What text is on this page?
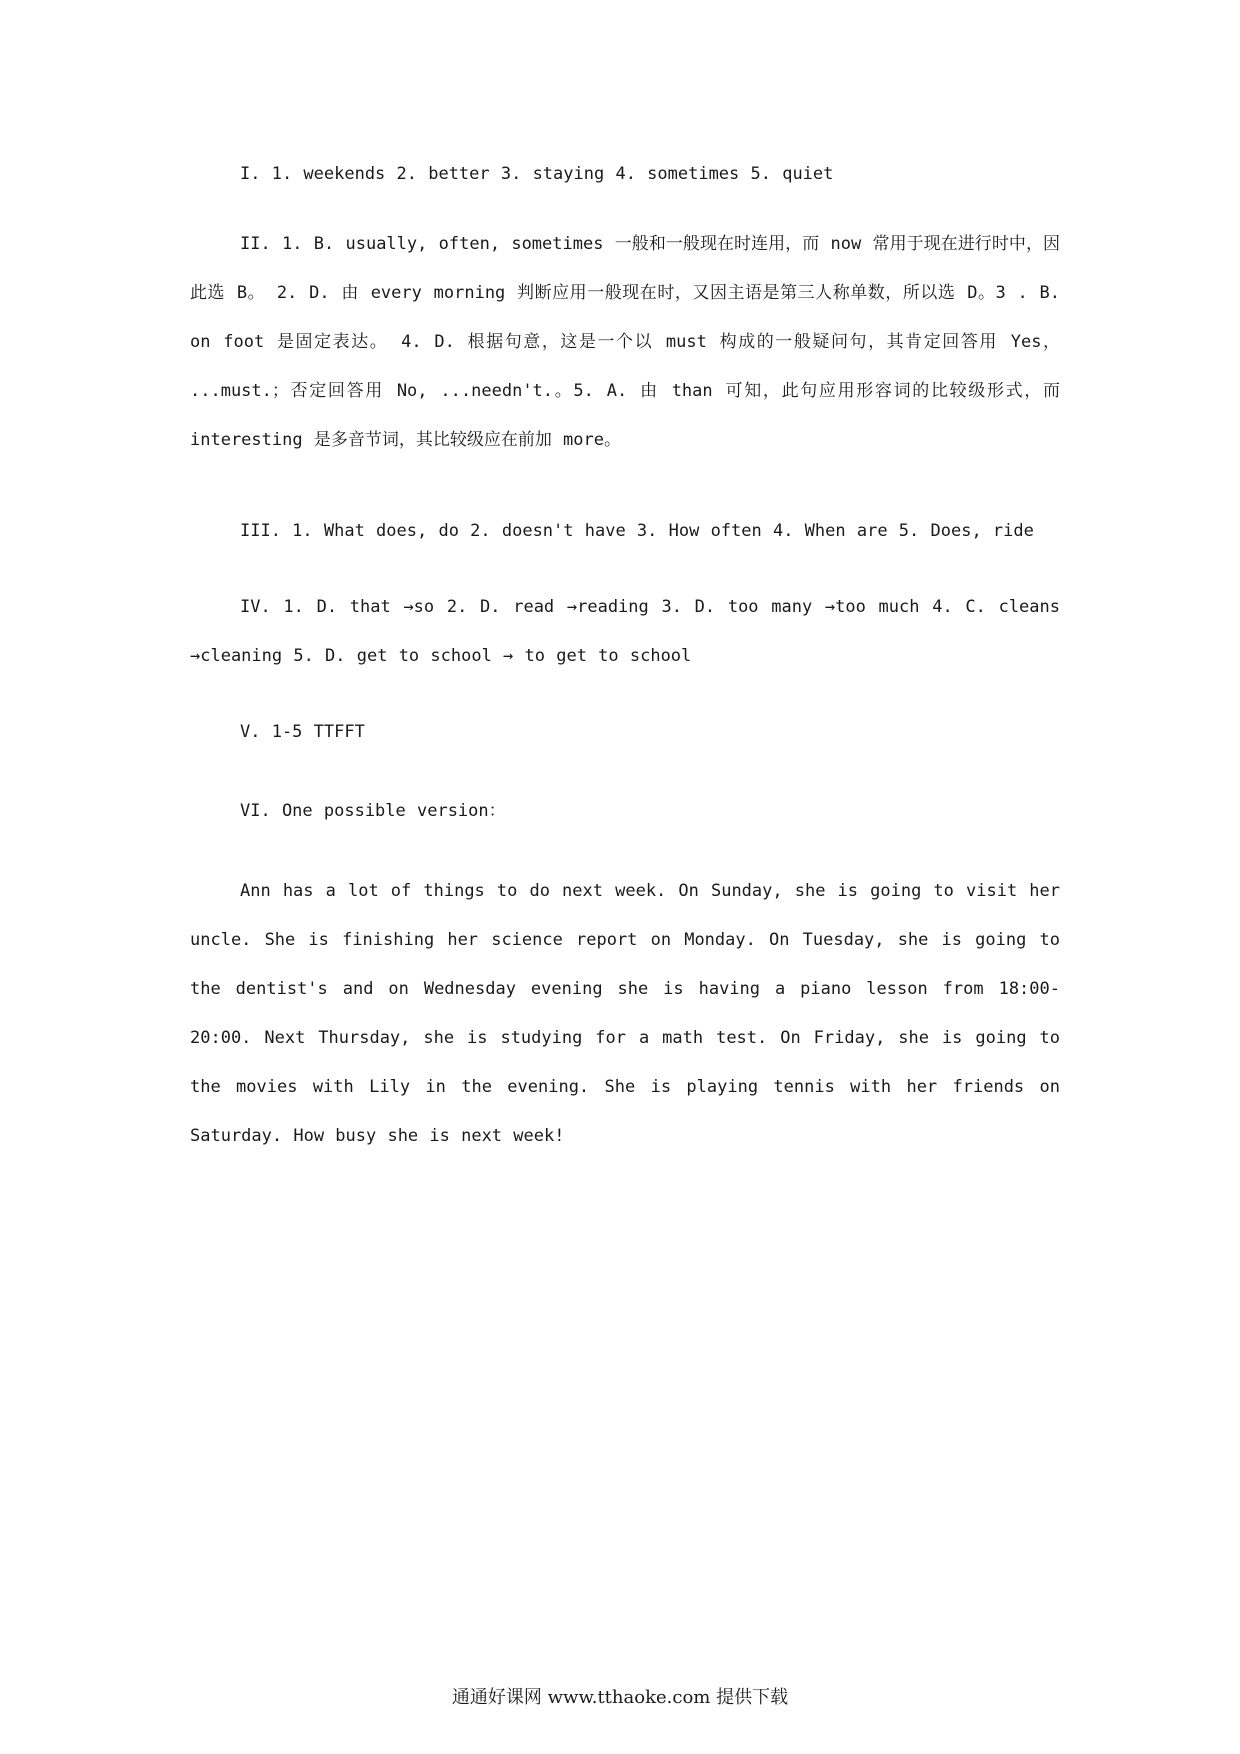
I. 1. weekends 2. better 3. staying 4. sometimes 5. quiet

II. 1. B. usually, often, sometimes 一般和一般现在时连用，而 now 常用于现在进行时中，因此选 B。 2. D. 由 every morning 判断应用一般现在时，又因主语是第三人称单数，所以选 D。3 . B. on foot 是固定表达。 4. D. 根据句意，这是一个以 must 构成的一般疑问句，其肯定回答用 Yes， ...must.；否定回答用 No, ...needn't.。5. A. 由 than 可知，此句应用形容词的比较级形式，而 interesting 是多音节词，其比较级应在前加 more。

III. 1. What does, do 2. doesn't have 3. How often 4. When are 5. Does, ride

IV. 1. D. that →so 2. D. read →reading 3. D. too many →too much 4. C. cleans →cleaning 5. D. get to school → to get to school

V. 1-5 TTFFT

VI. One possible version：

Ann has a lot of things to do next week. On Sunday, she is going to visit her uncle. She is finishing her science report on Monday. On Tuesday, she is going to the dentist's and on Wednesday evening she is having a piano lesson from 18:00-20:00. Next Thursday, she is studying for a math test. On Friday, she is going to the movies with Lily in the evening. She is playing tennis with her friends on Saturday. How busy she is next week!

通通好课网 www.tthaoke.com 提供下载
